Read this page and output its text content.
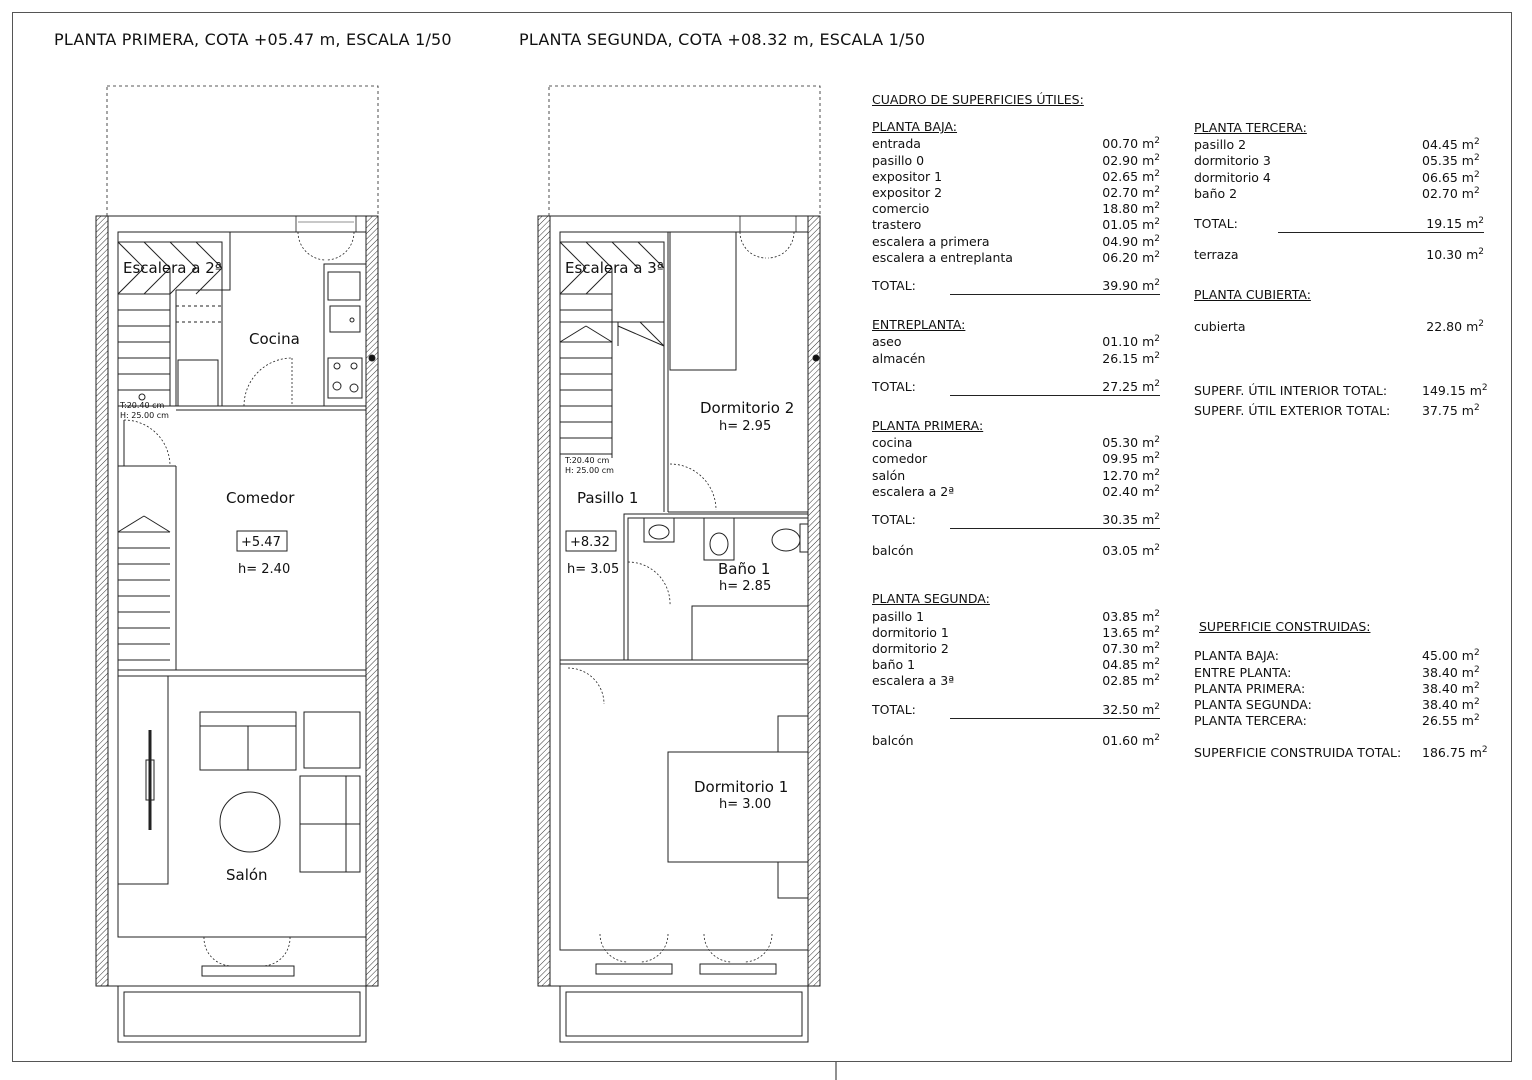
PLANTA PRIMERA, COTA +05.47 m, ESCALA 1/50	PLANTA SEGUNDA, COTA +08.32 m, ESCALA 1/50
Escalera a 2ª
Cocina
T:20.40 cm
H: 25.00 cm
Comedor
+5.47
h= 2.40
Salón
Escalera a 3ª
Dormitorio 2
h= 2.95
T:20.40 cm
H: 25.00 cm
Pasillo 1
+8.32
h= 3.05	Baño 1
h= 2.85
Dormitorio 1
h= 3.00
CUADRO DE SUPERFICIES ÚTILES:
PLANTA BAJA:
entrada	00.70 $m^2$
pasillo 0	02.90 $m^2$
expositor 1	02.65 $m^2$
expositor 2	02.70 $m^2$
comercio	18.80 $m^2$
trastero	01.05 $m^2$
escalera a primera	04.90 $m^2$
escalera a entreplanta	06.20 $m^2$
TOTAL:	39.90 $m^2$
ENTREPLANTA:
aseo	01.10 $m^2$
almacén	26.15 $m^2$
TOTAL:	27.25 $m^2$
PLANTA PRIMERA:
cocina	05.30 $m^2$
comedor	09.95 $m^2$
salón	12.70 $m^2$
escalera a 2ª	02.40 $m^2$
TOTAL:	30.35 $m^2$
balcón	03.05 $m^2$
PLANTA SEGUNDA:
pasillo 1	03.85 $m^2$
dormitorio 1	13.65 $m^2$
dormitorio 2	07.30 $m^2$
baño 1	04.85 $m^2$
escalera a 3ª	02.85 $m^2$
TOTAL:	32.50 $m^2$
balcón	01.60 $m^2$
PLANTA TERCERA:
pasillo 2	04.45 $m^2$
dormitorio 3	05.35 $m^2$
dormitorio 4	06.65 $m^2$
baño 2	02.70 $m^2$
TOTAL:	19.15 $m^2$
terraza	10.30 $m^2$
PLANTA CUBIERTA:
cubierta	22.80 $m^2$
SUPERF. ÚTIL INTERIOR TOTAL:	149.15 $m^2$
SUPERF. ÚTIL EXTERIOR TOTAL:	37.75 $m^2$
SUPERFICIE CONSTRUIDAS:
PLANTA BAJA:	45.00 $m^2$
ENTRE PLANTA:	38.40 $m^2$
PLANTA PRIMERA:	38.40 $m^2$
PLANTA SEGUNDA:	38.40 $m^2$
PLANTA TERCERA:	26.55 $m^2$
SUPERFICIE CONSTRUIDA TOTAL: 186.75 $m^2$
